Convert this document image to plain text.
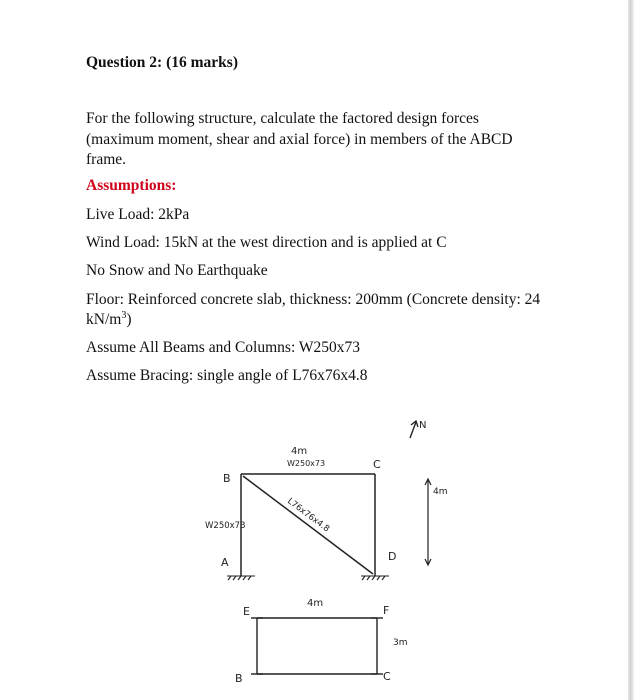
Question 2: (16 marks)
For the following structure, calculate the factored design forces (maximum moment, shear and axial force) in members of the ABCD frame.
Assumptions:
Live Load: 2kPa
Wind Load: 15kN at the west direction and is applied at C
No Snow and No Earthquake
Floor: Reinforced concrete slab, thickness: 200mm (Concrete density: 24 $kN/m^3$)
Assume All Beams and Columns: W250x73
Assume Bracing: single angle of L76x76x4.8
N
B
C
A	D
4m
W250x73
W250x73	L76x76x4.8
4m
4m
3m
E	F
B	C
